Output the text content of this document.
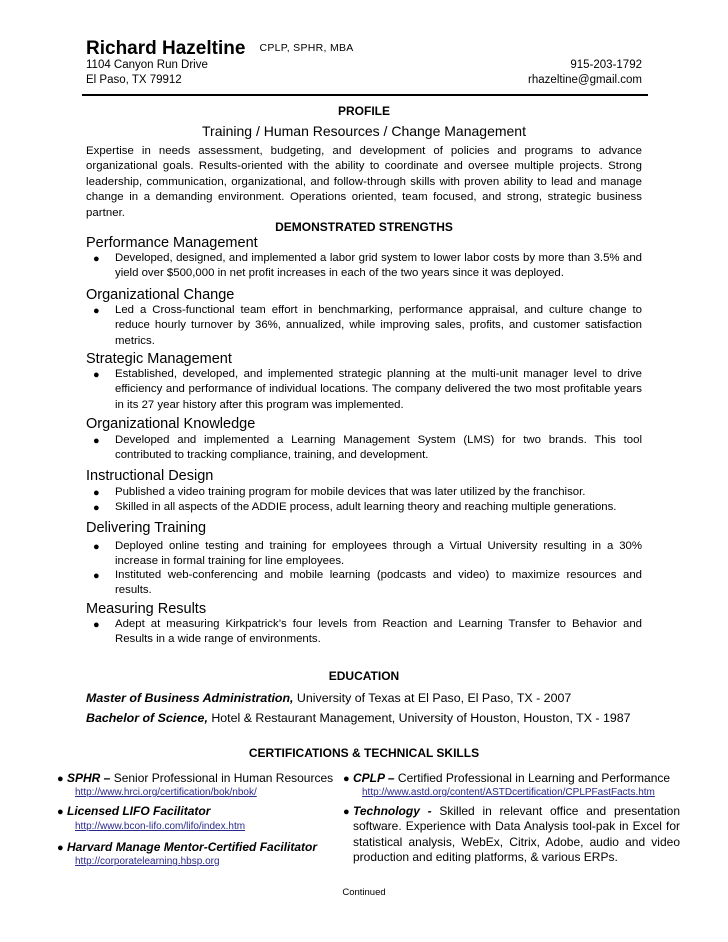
Richard Hazeltine CPLP, SPHR, MBA
1104 Canyon Run Drive
El Paso, TX 79912
915-203-1792
rhazeltine@gmail.com
PROFILE
Training / Human Resources / Change Management
Expertise in needs assessment, budgeting, and development of policies and programs to advance organizational goals. Results-oriented with the ability to coordinate and oversee multiple projects. Strong leadership, communication, organizational, and follow-through skills with proven ability to lead and manage change in a demanding environment. Operations oriented, team focused, and strong, strategic business partner.
DEMONSTRATED STRENGTHS
Performance Management
● Developed, designed, and implemented a labor grid system to lower labor costs by more than 3.5% and yield over $500,000 in net profit increases in each of the two years since it was deployed.
Organizational Change
● Led a Cross-functional team effort in benchmarking, performance appraisal, and culture change to reduce hourly turnover by 36%, annualized, while improving sales, profits, and customer satisfaction metrics.
Strategic Management
● Established, developed, and implemented strategic planning at the multi-unit manager level to drive efficiency and performance of individual locations. The company delivered the two most profitable years in its 27 year history after this program was implemented.
Organizational Knowledge
● Developed and implemented a Learning Management System (LMS) for two brands. This tool contributed to tracking compliance, training, and development.
Instructional Design
● Published a video training program for mobile devices that was later utilized by the franchisor.
● Skilled in all aspects of the ADDIE process, adult learning theory and reaching multiple generations.
Delivering Training
● Deployed online testing and training for employees through a Virtual University resulting in a 30% increase in formal training for line employees.
● Instituted web-conferencing and mobile learning (podcasts and video) to maximize resources and results.
Measuring Results
● Adept at measuring Kirkpatrick’s four levels from Reaction and Learning Transfer to Behavior and Results in a wide range of environments.
EDUCATION
Master of Business Administration, University of Texas at El Paso, El Paso, TX - 2007
Bachelor of Science, Hotel & Restaurant Management, University of Houston, Houston, TX - 1987
CERTIFICATIONS & TECHNICAL SKILLS
● SPHR – Senior Professional in Human Resources
http://www.hrci.org/certification/bok/nbok/
● CPLP – Certified Professional in Learning and Performance
http://www.astd.org/content/ASTDcertification/CPLPFastFacts.htm
● Licensed LIFO Facilitator
http://www.bcon-lifo.com/lifo/index.htm
● Technology - Skilled in relevant office and presentation software. Experience with Data Analysis tool-pak in Excel for statistical analysis, WebEx, Citrix, Adobe, audio and video production and editing platforms, & various ERPs.
● Harvard Manage Mentor-Certified Facilitator
http://corporatelearning.hbsp.org
Continued
